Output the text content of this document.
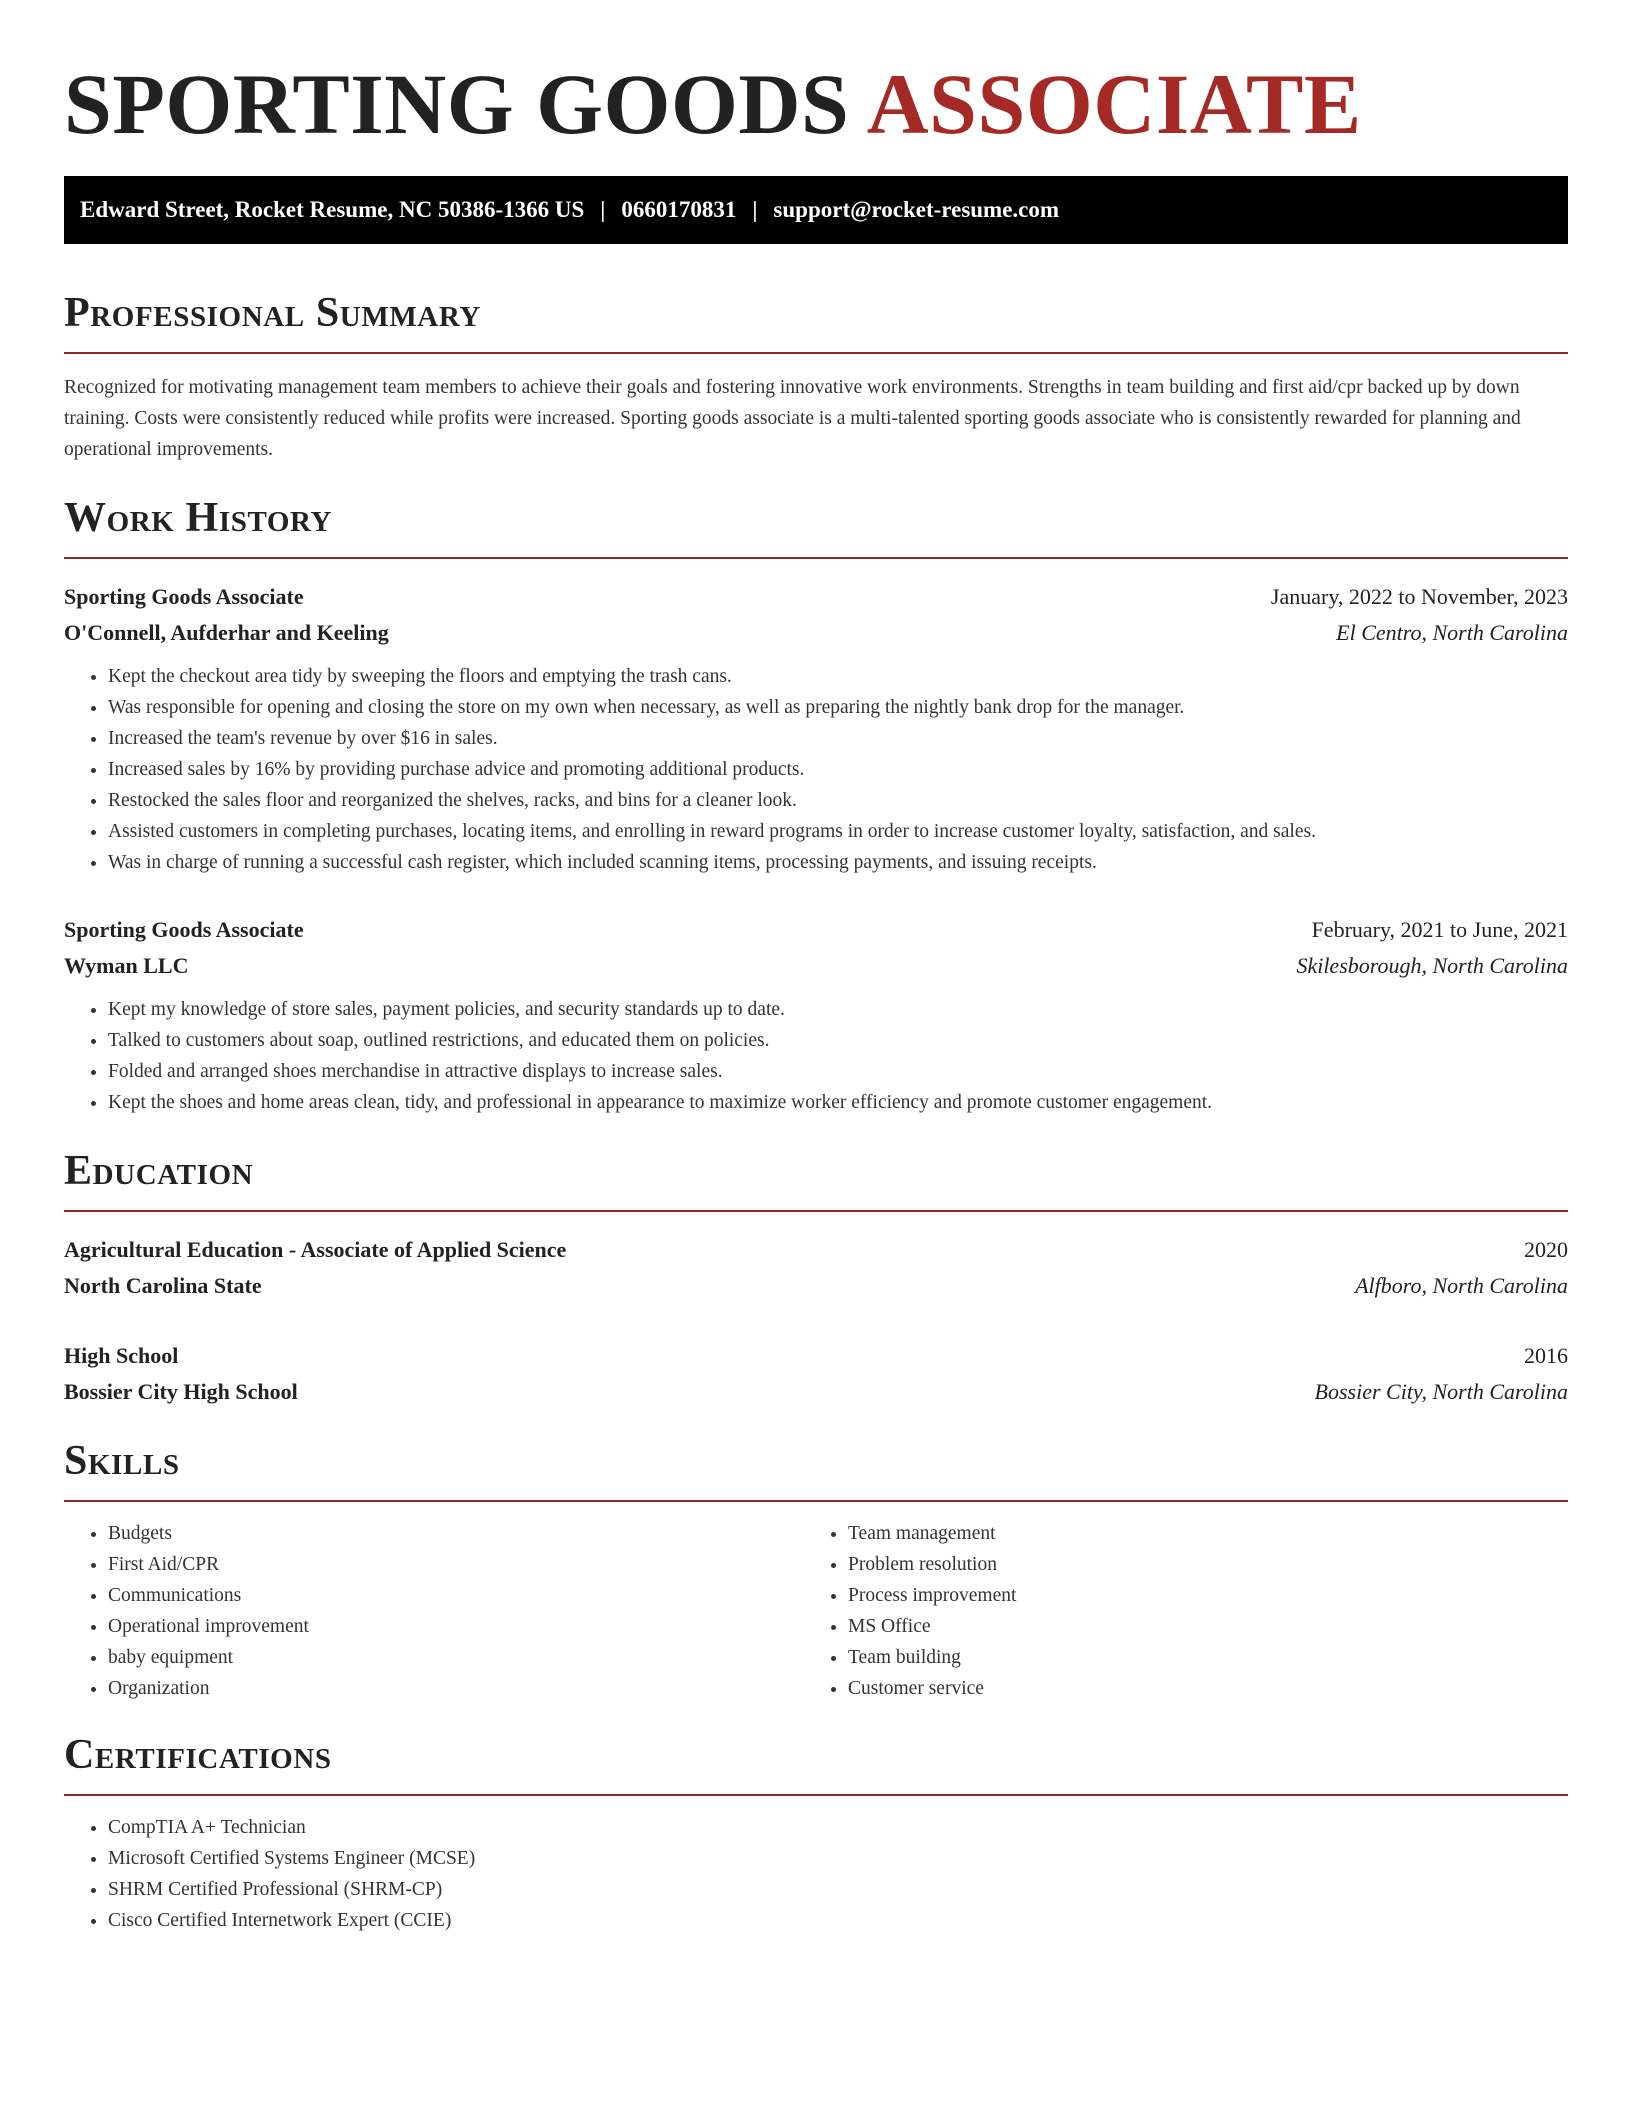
SPORTING GOODS ASSOCIATE
Edward Street, Rocket Resume, NC 50386-1366 US | 0660170831 | support@rocket-resume.com
Professional Summary

Recognized for motivating management team members to achieve their goals and fostering innovative work environments. Strengths in team building and first aid/cpr backed up by down training. Costs were consistently reduced while profits were increased. Sporting goods associate is a multi-talented sporting goods associate who is consistently rewarded for planning and operational improvements.

Work History
Sporting Goods Associate	January, 2022 to November, 2023
O'Connell, Aufderhar and Keeling	El Centro, North Carolina
• Kept the checkout area tidy by sweeping the floors and emptying the trash cans.
• Was responsible for opening and closing the store on my own when necessary, as well as preparing the nightly bank drop for the manager.
• Increased the team's revenue by over $16 in sales.
• Increased sales by 16% by providing purchase advice and promoting additional products.
• Restocked the sales floor and reorganized the shelves, racks, and bins for a cleaner look.
• Assisted customers in completing purchases, locating items, and enrolling in reward programs in order to increase customer loyalty, satisfaction, and sales.
• Was in charge of running a successful cash register, which included scanning items, processing payments, and issuing receipts.
Sporting Goods Associate	February, 2021 to June, 2021
Wyman LLC	Skilesborough, North Carolina
• Kept my knowledge of store sales, payment policies, and security standards up to date.
• Talked to customers about soap, outlined restrictions, and educated them on policies.
• Folded and arranged shoes merchandise in attractive displays to increase sales.
• Kept the shoes and home areas clean, tidy, and professional in appearance to maximize worker efficiency and promote customer engagement.
Education
Agricultural Education - Associate of Applied Science	2020
North Carolina State	Alfboro, North Carolina
High School	2016
Bossier City High School	Bossier City, North Carolina
Skills
• Budgets
• First Aid/CPR
• Communications
• Operational improvement
• baby equipment
• Organization
• Team management
• Problem resolution
• Process improvement
• MS Office
• Team building
• Customer service
Certifications
• CompTIA A+ Technician
• Microsoft Certified Systems Engineer (MCSE)
• SHRM Certified Professional (SHRM-CP)
• Cisco Certified Internetwork Expert (CCIE)
